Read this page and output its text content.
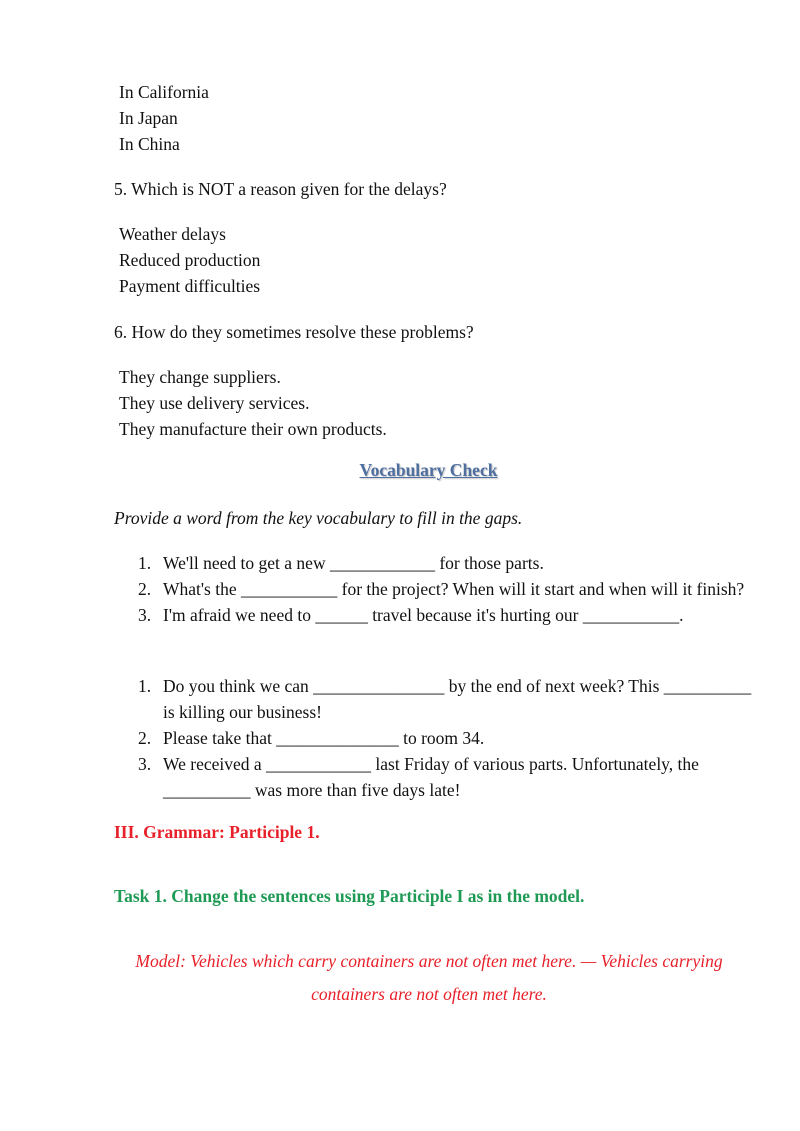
In California
In Japan
In China
5. Which is NOT a reason given for the delays?
Weather delays
Reduced production
Payment difficulties
6. How do they sometimes resolve these problems?
They change suppliers.
They use delivery services.
They manufacture their own products.
Vocabulary Check
Provide a word from the key vocabulary to fill in the gaps.
1. We'll need to get a new ____________ for those parts.
2. What's the ___________ for the project? When will it start and when will it finish?
3. I'm afraid we need to ______ travel because it's hurting our ___________.
1. Do you think we can _______________ by the end of next week? This __________ is killing our business!
2. Please take that ______________ to room 34.
3. We received a ____________ last Friday of various parts. Unfortunately, the __________ was more than five days late!
III. Grammar: Participle 1.
Task 1. Change the sentences using Participle I as in the model.
Model: Vehicles which carry containers are not often met here. — Vehicles carrying containers are not often met here.
